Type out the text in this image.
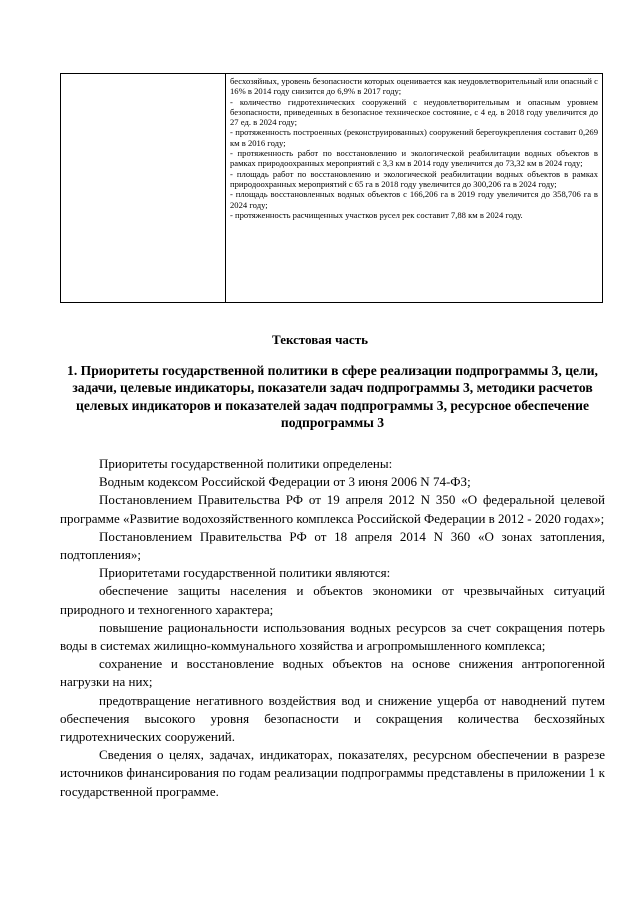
бесхозяйных, уровень безопасности которых оценивается как неудовлетворительный или опасный с 16% в 2014 году снизится до 6,9% в 2017 году;

- количество гидротехнических сооружений с неудовлетворительным и опасным уровнем безопасности, приведенных в безопасное техническое состояние, с 4 ед. в 2018 году увеличится до 27 ед. в 2024 году;

- протяженность построенных (реконструированных) сооружений берегоукрепления составит 0,269 км в 2016 году;

- протяженность работ по восстановлению и экологической реабилитации водных объектов в рамках природоохранных мероприятий с 3,3 км в 2014 году увеличится до 73,32 км в 2024 году;

- площадь работ по восстановлению и экологической реабилитации водных объектов в рамках природоохранных мероприятий с 65 га в 2018 году увеличится до 300,206 га в 2024 году;

- площадь восстановленных водных объектов с 166,206 га в 2019 году увеличится до 358,706 га в 2024 году;

- протяженность расчищенных участков русел рек составит 7,88 км в 2024 году.

Текстовая часть
1. Приоритеты государственной политики в сфере реализации подпрограммы 3, цели, задачи, целевые индикаторы, показатели задач подпрограммы 3, методики расчетов целевых индикаторов и показателей задач подпрограммы 3, ресурсное обеспечение подпрограммы 3

Приоритеты государственной политики определены:

Водным кодексом Российской Федерации от 3 июня 2006 N 74-ФЗ;

Постановлением Правительства РФ от 19 апреля 2012 N 350 «О федеральной целевой программе «Развитие водохозяйственного комплекса Российской Федерации в 2012 - 2020 годах»;

Постановлением Правительства РФ от 18 апреля 2014 N 360 «О зонах затопления, подтопления»;

Приоритетами государственной политики являются:

обеспечение защиты населения и объектов экономики от чрезвычайных ситуаций природного и техногенного характера;

повышение рациональности использования водных ресурсов за счет сокращения потерь воды в системах жилищно-коммунального хозяйства и агропромышленного комплекса;

сохранение и восстановление водных объектов на основе снижения антропогенной нагрузки на них;

предотвращение негативного воздействия вод и снижение ущерба от наводнений путем обеспечения высокого уровня безопасности и сокращения количества бесхозяйных гидротехнических сооружений.

Сведения о целях, задачах, индикаторах, показателях, ресурсном обеспечении в разрезе источников финансирования по годам реализации подпрограммы представлены в приложении 1 к государственной программе.
